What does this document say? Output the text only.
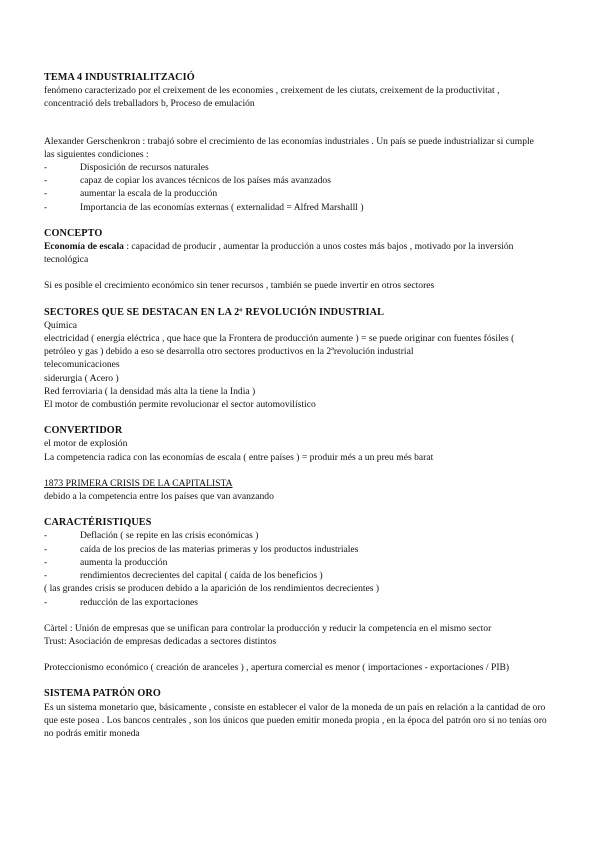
TEMA 4 INDUSTRIALITZACIÓ

fenómeno caracterizado por el creixement de les economies , creixement de les ciutats, creixement de la productivitat ,

concentració dels treballadors b, Proceso de emulación

Alexander Gerschenkron : trabajó sobre el crecimiento de las economías industriales . Un país se puede industrializar si cumple

las siguientes condiciones :

-	Disposición de recursos naturales
-	capaz de copiar los avances técnicos de los países más avanzados
-	aumentar la escala de la producción
-	Importancia de las economías externas ( externalidad = Alfred Marshalll )

CONCEPTO

Economía de escala : capacidad de producir , aumentar la producción a unos costes más bajos , motivado por la inversión

tecnológica

Si es posible el crecimiento económico sin tener recursos , también se puede invertir en otros sectores

SECTORES QUE SE DESTACAN EN LA 2º REVOLUCIÓN INDUSTRIAL

Química

electricidad ( energía eléctrica , que hace que la Frontera de producción aumente ) = se puede originar con fuentes fósiles (

petróleo y gas ) debido a eso se desarrolla otro sectores productivos en la 2ªrevolución industrial

telecomunicaciones

siderurgia ( Acero )

Red ferroviaria ( la densidad más alta la tiene la India )

El motor de combustión permite revolucionar el sector automovilístico

CONVERTIDOR

el motor de explosión

La competencia radica con las economías de escala ( entre países ) = produir més a un preu més barat

1873 PRIMERA CRISIS DE LA CAPITALISTA

debido a la competencia entre los países que van avanzando

CARACTÉRISTIQUES

-	Deflación ( se repite en las crisis económicas )
-	caída de los precios de las materias primeras y los productos industriales
-	aumenta la producción
-	rendimientos decrecientes del capital ( caída de los beneficios )

( las grandes crisis se producen debido a la aparición de los rendimientos decrecientes )

-	reducción de las exportaciones

Càrtel : Unión de empresas que se unifican para controlar la producción y reducir la competencia en el mismo sector

Trust: Asociación de empresas dedicadas a sectores distintos

Proteccionismo económico ( creación de aranceles ) , apertura comercial es menor ( importaciones - exportaciones / PIB)

SISTEMA PATRÓN ORO

Es un sistema monetario que, básicamente , consiste en establecer el valor de la moneda de un país en relación a la cantidad de oro

que este posea . Los bancos centrales , son los únicos que pueden emitir moneda propia , en la época del patrón oro si no tenías oro

no podrás emitir moneda
